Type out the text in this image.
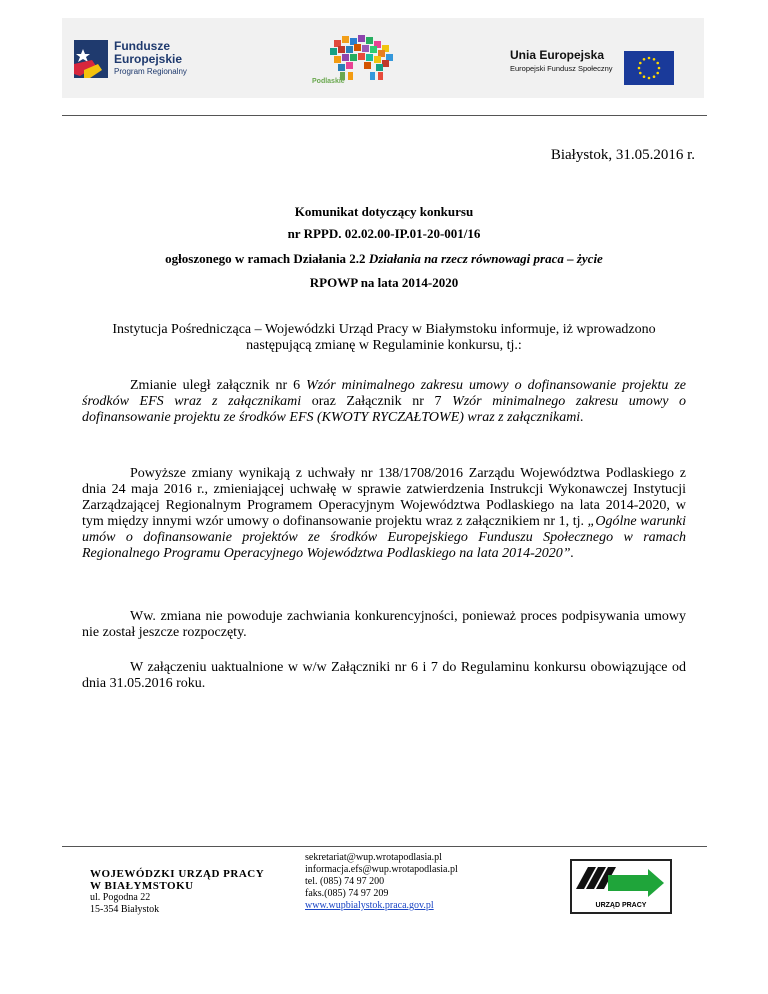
Fundusze
Europejskie
Program Regionalny
Podlaskie
Unia Europejska
Europejski Fundusz Społeczny
Białystok, 31.05.2016 r.
Komunikat dotyczący konkursu
nr RPPD. 02.02.00-IP.01-20-001/16
ogłoszonego w ramach Działania 2.2 Działania na rzecz równowagi praca – życie
RPOWP na lata 2014-2020
Instytucja Pośrednicząca – Wojewódzki Urząd Pracy w Białymstoku informuje, iż wprowadzono następującą zmianę w Regulaminie konkursu, tj.:
Zmianie uległ załącznik nr 6 Wzór minimalnego zakresu umowy o dofinansowanie projektu ze środków EFS wraz z załącznikami oraz Załącznik nr 7 Wzór minimalnego zakresu umowy o dofinansowanie projektu ze środków EFS (KWOTY RYCZAŁTOWE) wraz z załącznikami.
Powyższe zmiany wynikają z uchwały nr 138/1708/2016 Zarządu Województwa Podlaskiego z dnia 24 maja 2016 r., zmieniającej uchwałę w sprawie zatwierdzenia Instrukcji Wykonawczej Instytucji Zarządzającej Regionalnym Programem Operacyjnym Województwa Podlaskiego na lata 2014-2020, w tym między innymi wzór umowy o dofinansowanie projektu wraz z załącznikiem nr 1, tj. „Ogólne warunki umów o dofinansowanie projektów ze środków Europejskiego Funduszu Społecznego w ramach Regionalnego Programu Operacyjnego Województwa Podlaskiego na lata 2014-2020”.
Ww. zmiana nie powoduje zachwiania konkurencyjności, ponieważ proces podpisywania umowy nie został jeszcze rozpoczęty.
W załączeniu uaktualnione w w/w Załączniki nr 6 i 7 do Regulaminu konkursu obowiązujące od dnia 31.05.2016 roku.
WOJEWÓDZKI URZĄD PRACY
W BIAŁYMSTOKU
ul. Pogodna 22
15-354 Białystok
sekretariat@wup.wrotapodlasia.pl
informacja.efs@wup.wrotapodlasia.pl
tel. (085) 74 97 200
faks.(085) 74 97 209
www.wupbialystok.praca.gov.pl	URZĄD PRACY
